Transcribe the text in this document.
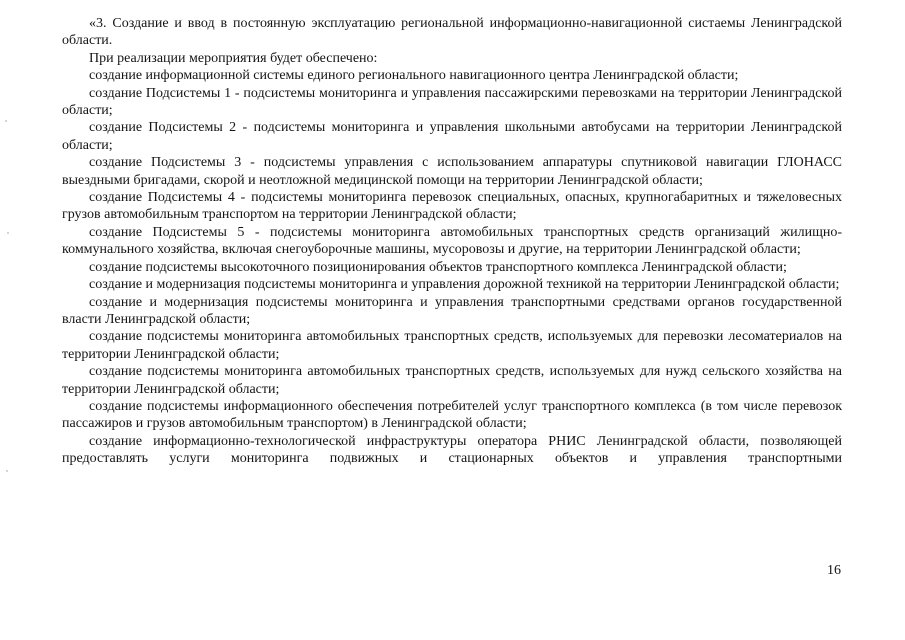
«3. Создание и ввод в постоянную эксплуатацию региональной информационно-навигационной систаемы Ленинградской области.

При реализации мероприятия будет обеспечено:

создание информационной системы единого регионального навигационного центра Ленинградской области;

создание Подсистемы 1 - подсистемы мониторинга и управления пассажирскими перевозками на территории Ленинградской области;

создание Подсистемы 2 - подсистемы мониторинга и управления школьными автобусами на территории Ленинградской области;

создание Подсистемы 3 - подсистемы управления с использованием аппаратуры спутниковой навигации ГЛОНАСС выездными бригадами, скорой и неотложной медицинской помощи на территории Ленинградской области;

создание Подсистемы 4 - подсистемы мониторинга перевозок специальных, опасных, крупногабаритных и тяжеловесных грузов автомобильным транспортом на территории Ленинградской области;

создание Подсистемы 5 - подсистемы мониторинга автомобильных транспортных средств организаций жилищно-коммунального хозяйства, включая снегоуборочные машины, мусоровозы и другие, на территории Ленинградской области;

создание подсистемы высокоточного позиционирования объектов транспортного комплекса Ленинградской области;

создание и модернизация подсистемы мониторинга и управления дорожной техникой на территории Ленинградской области;

создание и модернизация подсистемы мониторинга и управления транспортными средствами органов государственной власти Ленинградской области;

создание подсистемы мониторинга автомобильных транспортных средств, используемых для перевозки лесоматериалов на территории Ленинградской области;

создание подсистемы мониторинга автомобильных транспортных средств, используемых для нужд сельского хозяйства на территории Ленинградской области;

создание подсистемы информационного обеспечения потребителей услуг транспортного комплекса (в том числе перевозок пассажиров и грузов автомобильным транспортом) в Ленинградской области;

создание информационно-технологической инфраструктуры оператора РНИС Ленинградской области, позволяющей предоставлять услуги мониторинга подвижных и стационарных объектов и управления транспортными

16
